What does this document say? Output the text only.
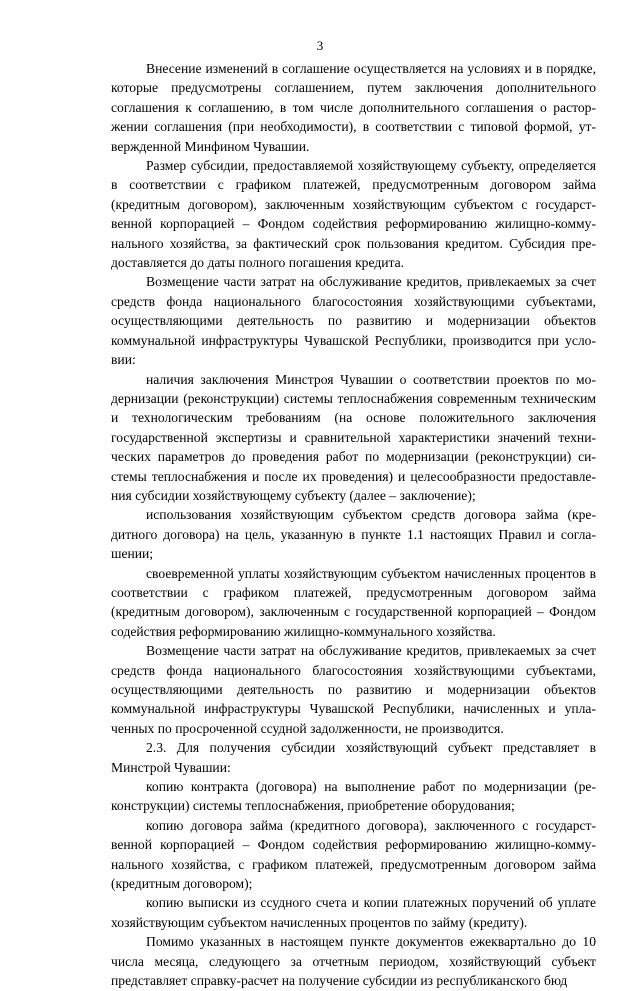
3

Внесение изменений в соглашение осуществляется на условиях и в порядке, которые предусмотрены соглашением, путем заключения дополнительного соглашения к соглашению, в том числе дополнительного соглашения о расторжении соглашения (при необходимости), в соответствии с типовой формой, утвержденной Минфином Чувашии.

Размер субсидии, предоставляемой хозяйствующему субъекту, определяется в соответствии с графиком платежей, предусмотренным договором займа (кредитным договором), заключенным хозяйствующим субъектом с государственной корпорацией – Фондом содействия реформированию жилищно-коммунального хозяйства, за фактический срок пользования кредитом. Субсидия предоставляется до даты полного погашения кредита.

Возмещение части затрат на обслуживание кредитов, привлекаемых за счет средств фонда национального благосостояния хозяйствующими субъектами, осуществляющими деятельность по развитию и модернизации объектов коммунальной инфраструктуры Чувашской Республики, производится при условии:

наличия заключения Минстроя Чувашии о соответствии проектов по модернизации (реконструкции) системы теплоснабжения современным техническим и технологическим требованиям (на основе положительного заключения государственной экспертизы и сравнительной характеристики значений технических параметров до проведения работ по модернизации (реконструкции) системы теплоснабжения и после их проведения) и целесообразности предоставления субсидии хозяйствующему субъекту (далее – заключение);

использования хозяйствующим субъектом средств договора займа (кредитного договора) на цель, указанную в пункте 1.1 настоящих Правил и соглашении;

своевременной уплаты хозяйствующим субъектом начисленных процентов в соответствии с графиком платежей, предусмотренным договором займа (кредитным договором), заключенным с государственной корпорацией – Фондом содействия реформированию жилищно-коммунального хозяйства.

Возмещение части затрат на обслуживание кредитов, привлекаемых за счет средств фонда национального благосостояния хозяйствующими субъектами, осуществляющими деятельность по развитию и модернизации объектов коммунальной инфраструктуры Чувашской Республики, начисленных и уплаченных по просроченной ссудной задолженности, не производится.

2.3. Для получения субсидии хозяйствующий субъект представляет в Минстрой Чувашии:

копию контракта (договора) на выполнение работ по модернизации (реконструкции) системы теплоснабжения, приобретение оборудования;

копию договора займа (кредитного договора), заключенного с государственной корпорацией – Фондом содействия реформированию жилищно-коммунального хозяйства, с графиком платежей, предусмотренным договором займа (кредитным договором);

копию выписки из ссудного счета и копии платежных поручений об уплате хозяйствующим субъектом начисленных процентов по займу (кредиту).

Помимо указанных в настоящем пункте документов ежеквартально до 10 числа месяца, следующего за отчетным периодом, хозяйствующий субъект представляет справку-расчет на получение субсидии из республиканского бюд
